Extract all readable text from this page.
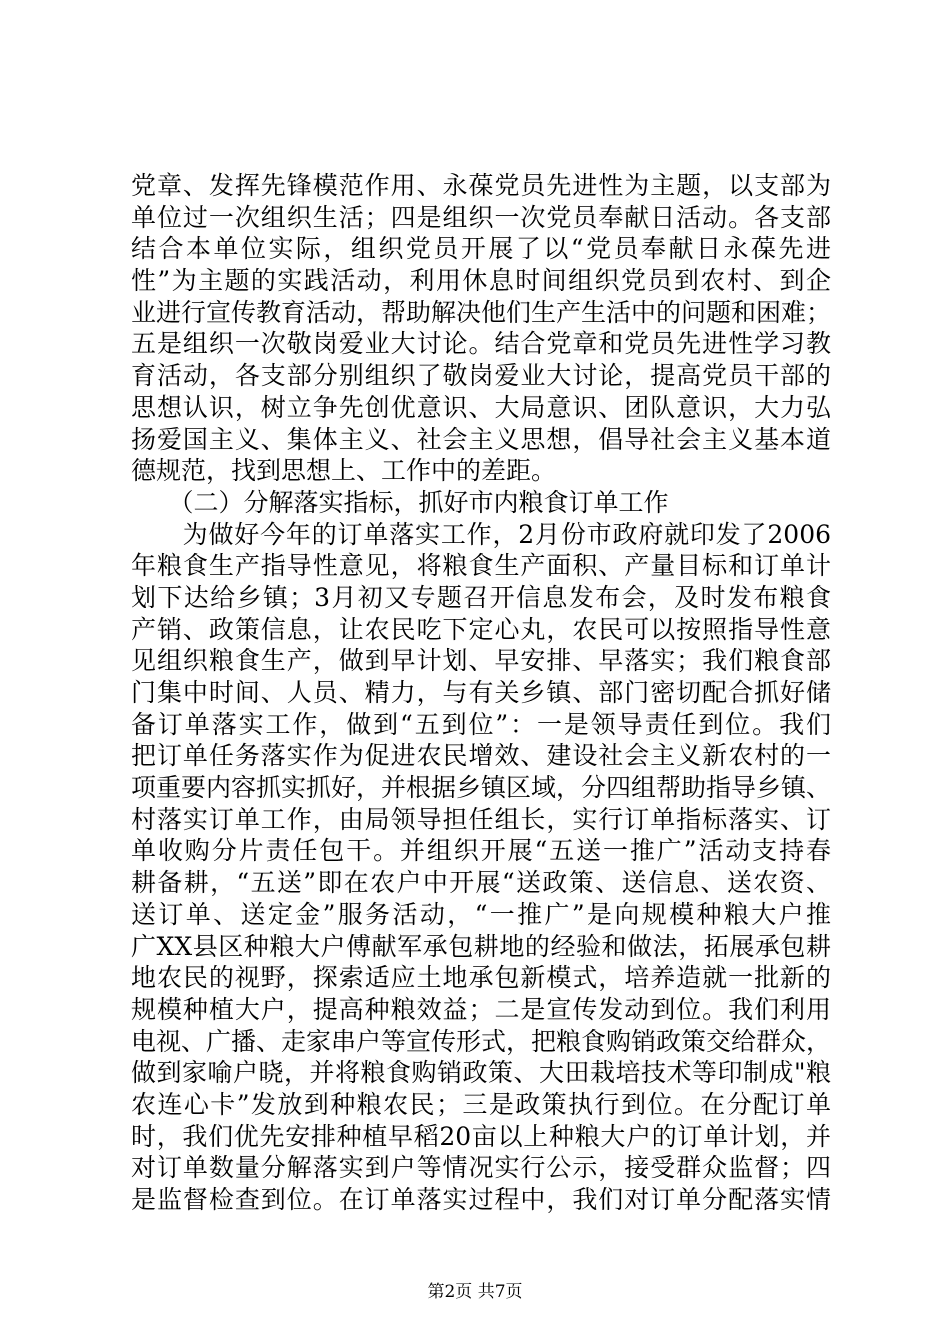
党章、发挥先锋模范作用、永葆党员先进性为主题，以支部为
单位过一次组织生活；四是组织一次党员奉献日活动。各支部
结合本单位实际，组织党员开展了以“党员奉献日永葆先进
性”为主题的实践活动，利用休息时间组织党员到农村、到企
业进行宣传教育活动，帮助解决他们生产生活中的问题和困难；
五是组织一次敬岗爱业大讨论。结合党章和党员先进性学习教
育活动，各支部分别组织了敬岗爱业大讨论，提高党员干部的
思想认识，树立争先创优意识、大局意识、团队意识，大力弘
扬爱国主义、集体主义、社会主义思想，倡导社会主义基本道
德规范，找到思想上、工作中的差距。
　　（二）分解落实指标，抓好市内粮食订单工作
　　为做好今年的订单落实工作，2月份市政府就印发了2006
年粮食生产指导性意见，将粮食生产面积、产量目标和订单计
划下达给乡镇；3月初又专题召开信息发布会，及时发布粮食
产销、政策信息，让农民吃下定心丸，农民可以按照指导性意
见组织粮食生产，做到早计划、早安排、早落实；我们粮食部
门集中时间、人员、精力，与有关乡镇、部门密切配合抓好储
备订单落实工作，做到“五到位”：一是领导责任到位。我们
把订单任务落实作为促进农民增效、建设社会主义新农村的一
项重要内容抓实抓好，并根据乡镇区域，分四组帮助指导乡镇、
村落实订单工作，由局领导担任组长，实行订单指标落实、订
单收购分片责任包干。并组织开展“五送一推广”活动支持春
耕备耕，“五送”即在农户中开展“送政策、送信息、送农资、
送订单、送定金”服务活动，“一推广”是向规模种粮大户推
广XX县区种粮大户傅献军承包耕地的经验和做法，拓展承包耕
地农民的视野，探索适应土地承包新模式，培养造就一批新的
规模种植大户，提高种粮效益；二是宣传发动到位。我们利用
电视、广播、走家串户等宣传形式，把粮食购销政策交给群众，
做到家喻户晓，并将粮食购销政策、大田栽培技术等印制成"粮
农连心卡”发放到种粮农民；三是政策执行到位。在分配订单
时，我们优先安排种植早稻20亩以上种粮大户的订单计划，并
对订单数量分解落实到户等情况实行公示，接受群众监督；四
是监督检查到位。在订单落实过程中，我们对订单分配落实情
第2页 共7页
